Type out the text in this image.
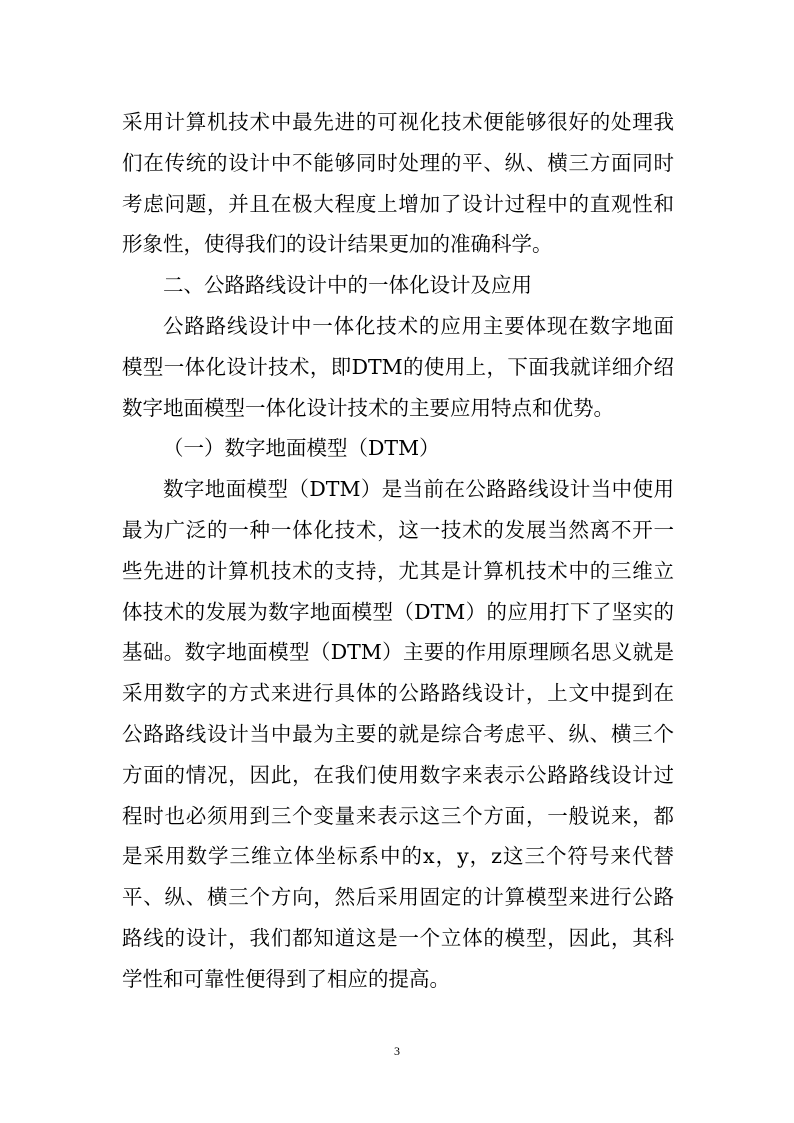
采用计算机技术中最先进的可视化技术便能够很好的处理我们在传统的设计中不能够同时处理的平、纵、横三方面同时考虑问题，并且在极大程度上增加了设计过程中的直观性和形象性，使得我们的设计结果更加的准确科学。

二、公路路线设计中的一体化设计及应用

公路路线设计中一体化技术的应用主要体现在数字地面模型一体化设计技术，即DTM的使用上，下面我就详细介绍数字地面模型一体化设计技术的主要应用特点和优势。

（一）数字地面模型（DTM）

数字地面模型（DTM）是当前在公路路线设计当中使用最为广泛的一种一体化技术，这一技术的发展当然离不开一些先进的计算机技术的支持，尤其是计算机技术中的三维立体技术的发展为数字地面模型（DTM）的应用打下了坚实的基础。数字地面模型（DTM）主要的作用原理顾名思义就是采用数字的方式来进行具体的公路路线设计，上文中提到在公路路线设计当中最为主要的就是综合考虑平、纵、横三个方面的情况，因此，在我们使用数字来表示公路路线设计过程时也必须用到三个变量来表示这三个方面，一般说来，都是采用数学三维立体坐标系中的x，y，z这三个符号来代替平、纵、横三个方向，然后采用固定的计算模型来进行公路路线的设计，我们都知道这是一个立体的模型，因此，其科学性和可靠性便得到了相应的提高。

3
